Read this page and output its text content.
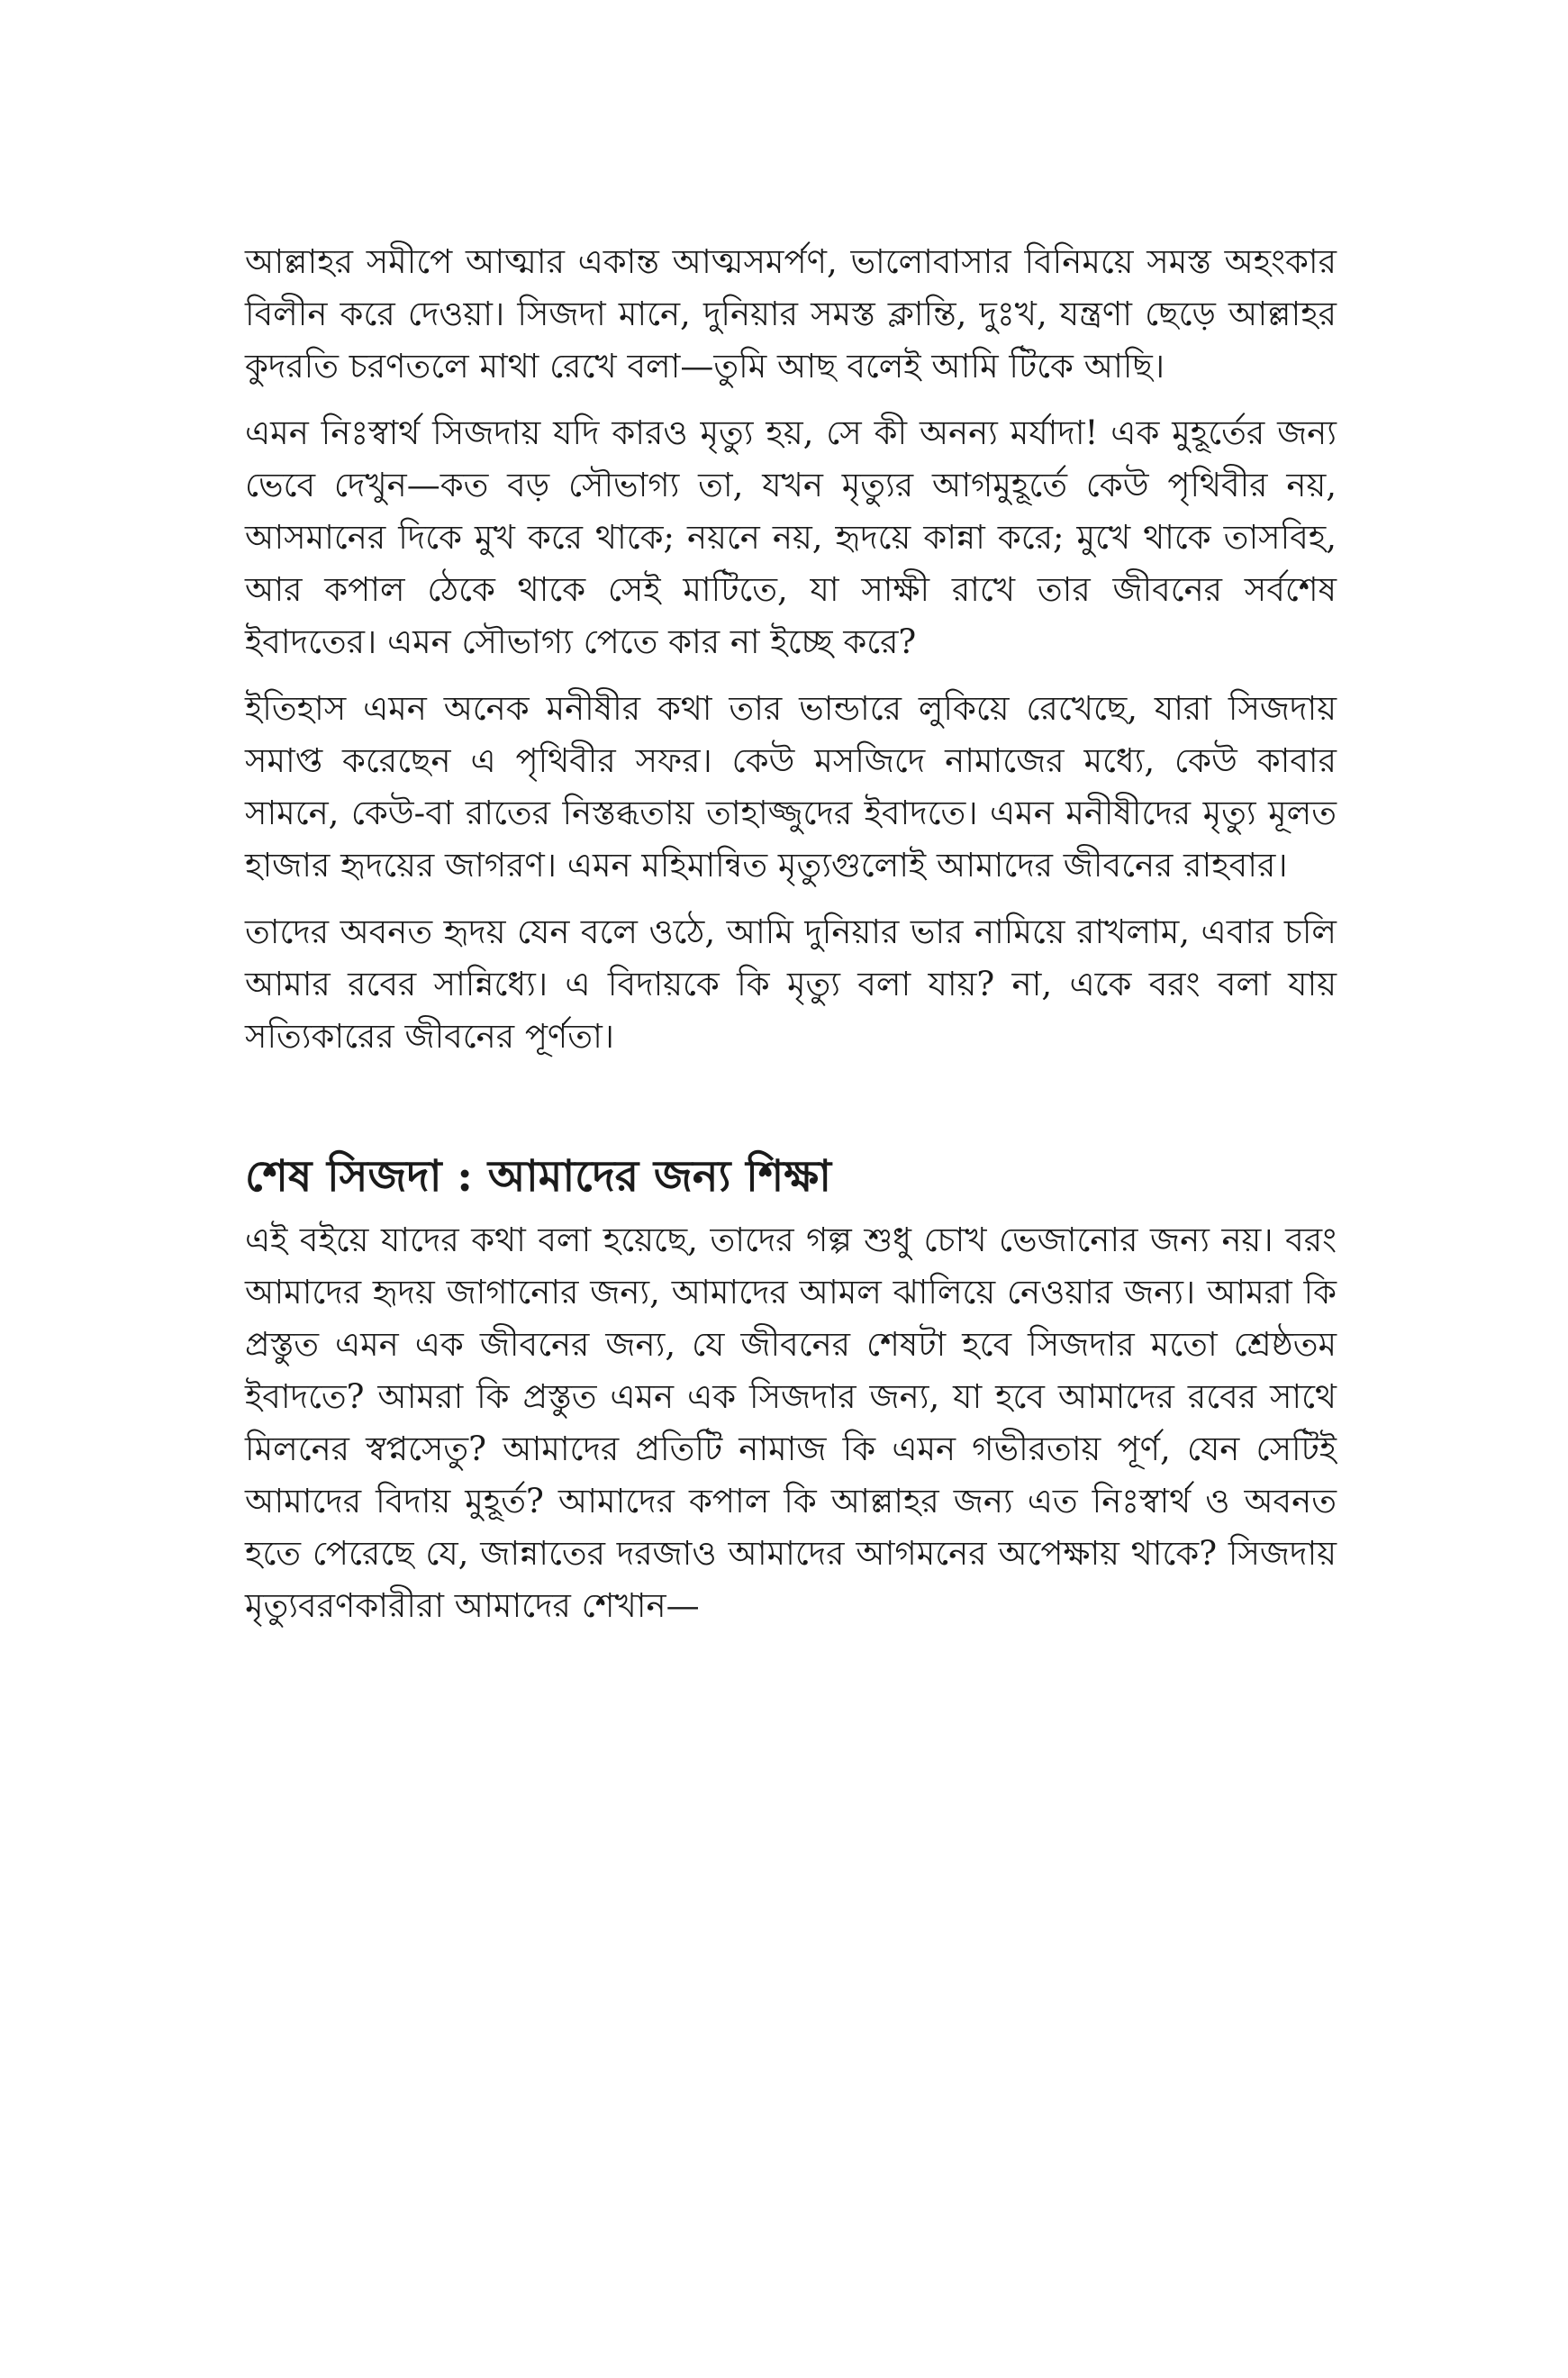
আল্লাহর সমীপে আত্মার একান্ত আত্মসমর্পণ, ভালোবাসার বিনিময়ে সমস্ত অহংকার বিলীন করে দেওয়া। সিজদা মানে, দুনিয়ার সমস্ত ক্লান্তি, দুঃখ, যন্ত্রণা ছেড়ে আল্লাহর কুদরতি চরণতলে মাথা রেখে বলা—তুমি আছ বলেই আমি টিকে আছি।

এমন নিঃস্বার্থ সিজদায় যদি কারও মৃত্যু হয়, সে কী অনন্য মর্যাদা! এক মুহূর্তের জন্য ভেবে দেখুন—কত বড় সৌভাগ্য তা, যখন মৃত্যুর আগমুহূর্তে কেউ পৃথিবীর নয়, আসমানের দিকে মুখ করে থাকে; নয়নে নয়, হৃদয়ে কান্না করে; মুখে থাকে তাসবিহ, আর কপাল ঠেকে থাকে সেই মাটিতে, যা সাক্ষী রাখে তার জীবনের সর্বশেষ ইবাদতের। এমন সৌভাগ্য পেতে কার না ইচ্ছে করে?

ইতিহাস এমন অনেক মনীষীর কথা তার ভান্ডারে লুকিয়ে রেখেছে, যারা সিজদায় সমাপ্ত করেছেন এ পৃথিবীর সফর। কেউ মসজিদে নামাজের মধ্যে, কেউ কাবার সামনে, কেউ-বা রাতের নিস্তব্ধতায় তাহাজ্জুদের ইবাদতে। এমন মনীষীদের মৃত্যু মূলত হাজার হৃদয়ের জাগরণ। এমন মহিমান্বিত মৃত্যুগুলোই আমাদের জীবনের রাহবার।

তাদের অবনত হৃদয় যেন বলে ওঠে, আমি দুনিয়ার ভার নামিয়ে রাখলাম, এবার চলি আমার রবের সান্নিধ্যে। এ বিদায়কে কি মৃত্যু বলা যায়? না, একে বরং বলা যায় সত্যিকারের জীবনের পূর্ণতা।

শেষ সিজদা : আমাদের জন্য শিক্ষা

এই বইয়ে যাদের কথা বলা হয়েছে, তাদের গল্প শুধু চোখ ভেজানোর জন্য নয়। বরং আমাদের হৃদয় জাগানোর জন্য, আমাদের আমল ঝালিয়ে নেওয়ার জন্য। আমরা কি প্রস্তুত এমন এক জীবনের জন্য, যে জীবনের শেষটা হবে সিজদার মতো শ্রেষ্ঠতম ইবাদতে? আমরা কি প্রস্তুত এমন এক সিজদার জন্য, যা হবে আমাদের রবের সাথে মিলনের স্বপ্নসেতু? আমাদের প্রতিটি নামাজ কি এমন গভীরতায় পূর্ণ, যেন সেটিই আমাদের বিদায় মুহূর্ত? আমাদের কপাল কি আল্লাহর জন্য এত নিঃস্বার্থ ও অবনত হতে পেরেছে যে, জান্নাতের দরজাও আমাদের আগমনের অপেক্ষায় থাকে? সিজদায় মৃত্যুবরণকারীরা আমাদের শেখান—
